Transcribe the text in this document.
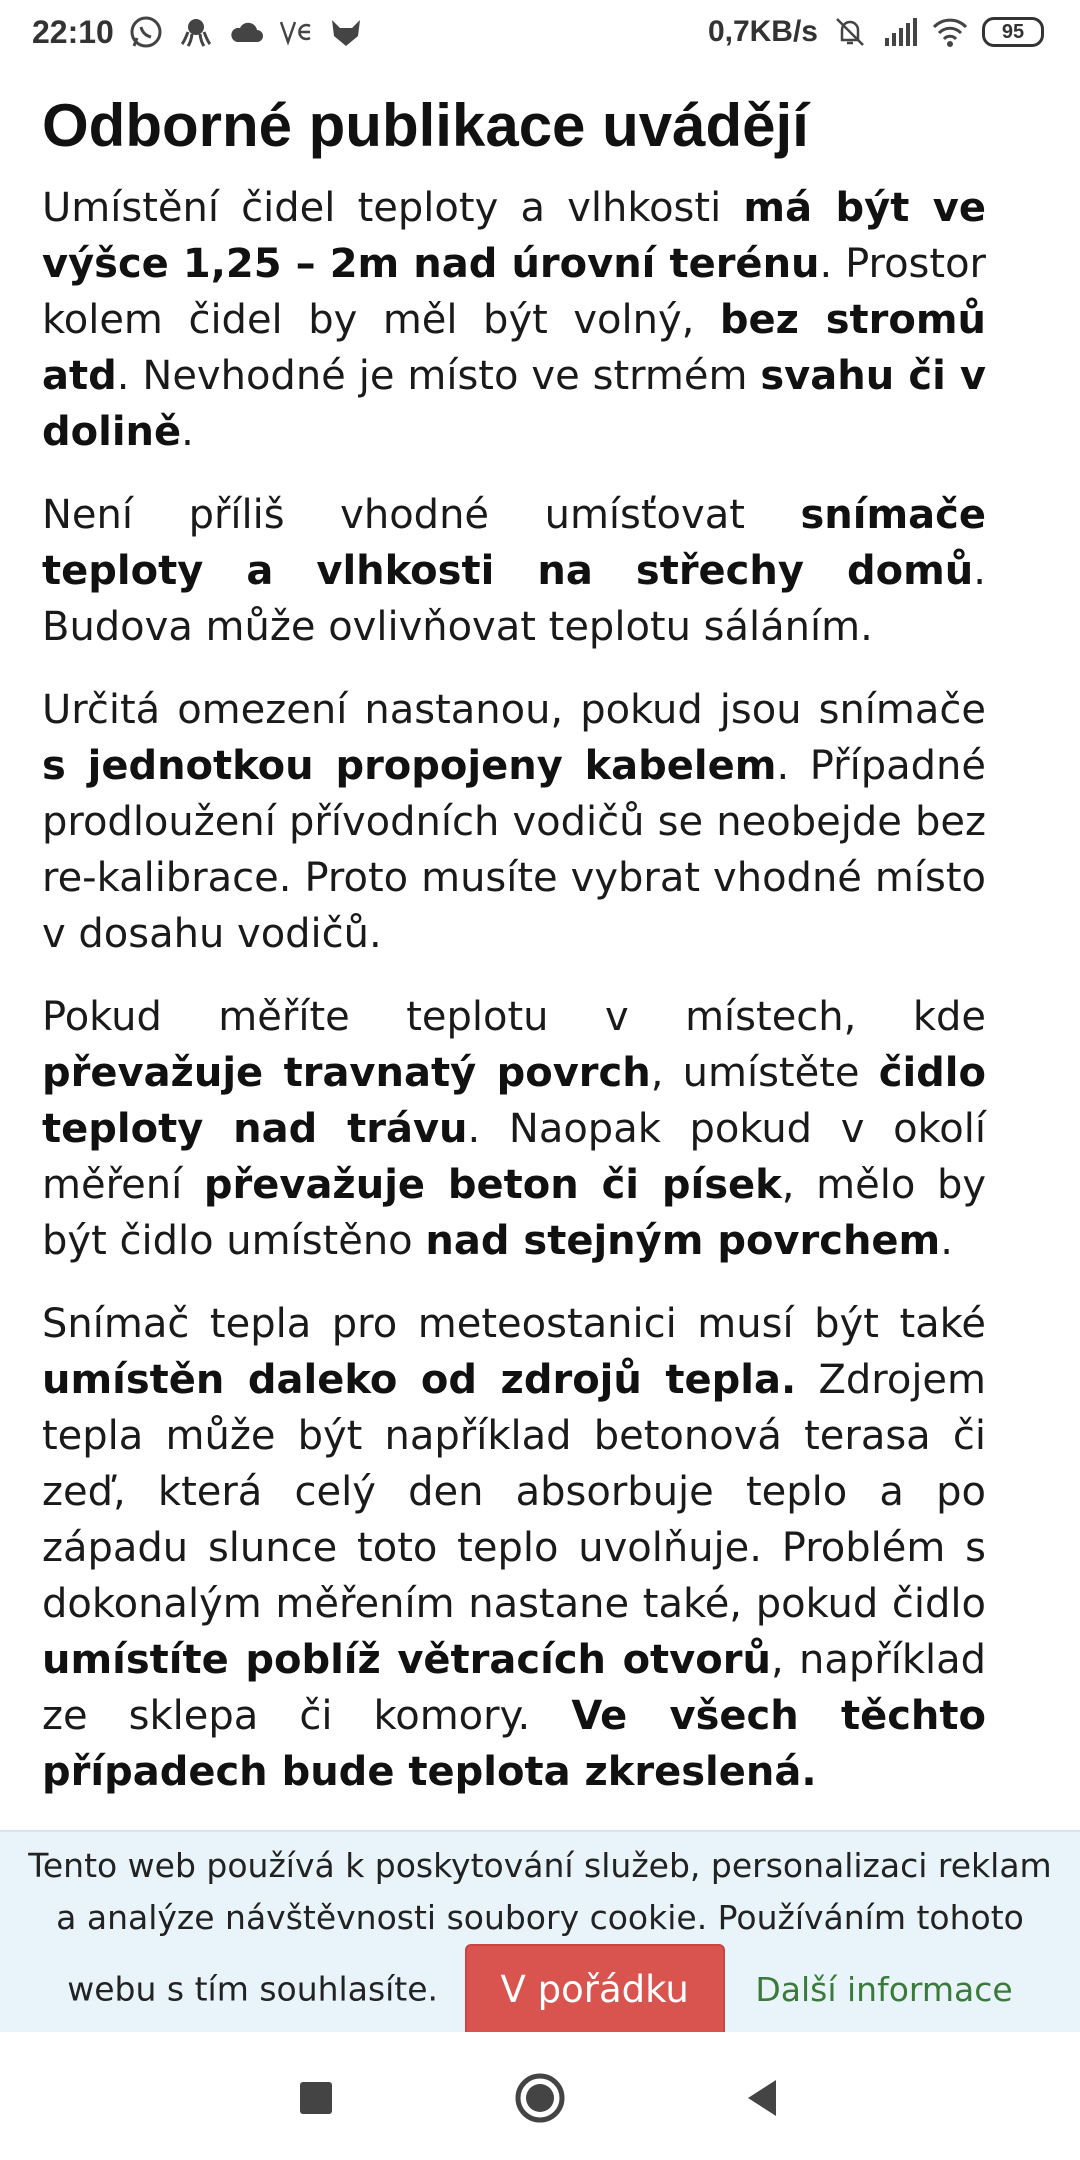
22:10	0,7KB/s	95
Odborné publikace uvádějí

Umístění čidel teploty a vlhkosti má být ve výšce 1,25 – 2m nad úrovní terénu. Prostor kolem čidel by měl být volný, bez stromů atd. Nevhodné je místo ve strmém svahu či v dolině.

Není příliš vhodné umísťovat snímače teploty a vlhkosti na střechy domů. Budova může ovlivňovat teplotu sáláním.

Určitá omezení nastanou, pokud jsou snímače s jednotkou propojeny kabelem. Případné prodloužení přívodních vodičů se neobejde bez re-kalibrace. Proto musíte vybrat vhodné místo v dosahu vodičů.

Pokud měříte teplotu v místech, kde převažuje travnatý povrch, umístěte čidlo teploty nad trávu. Naopak pokud v okolí měření převažuje beton či písek, mělo by být čidlo umístěno nad stejným povrchem.

Snímač tepla pro meteostanici musí být také umístěn daleko od zdrojů tepla. Zdrojem tepla může být například betonová terasa či zeď, která celý den absorbuje teplo a po západu slunce toto teplo uvolňuje. Problém s dokonalým měřením nastane také, pokud čidlo umístíte poblíž větracích otvorů, například ze sklepa či komory. Ve všech těchto případech bude teplota zkreslená.

Tento web používá k poskytování služeb, personalizaci reklam a analýze návštěvnosti soubory cookie. Používáním tohoto webu s tím souhlasíte. V pořádku Další informace
